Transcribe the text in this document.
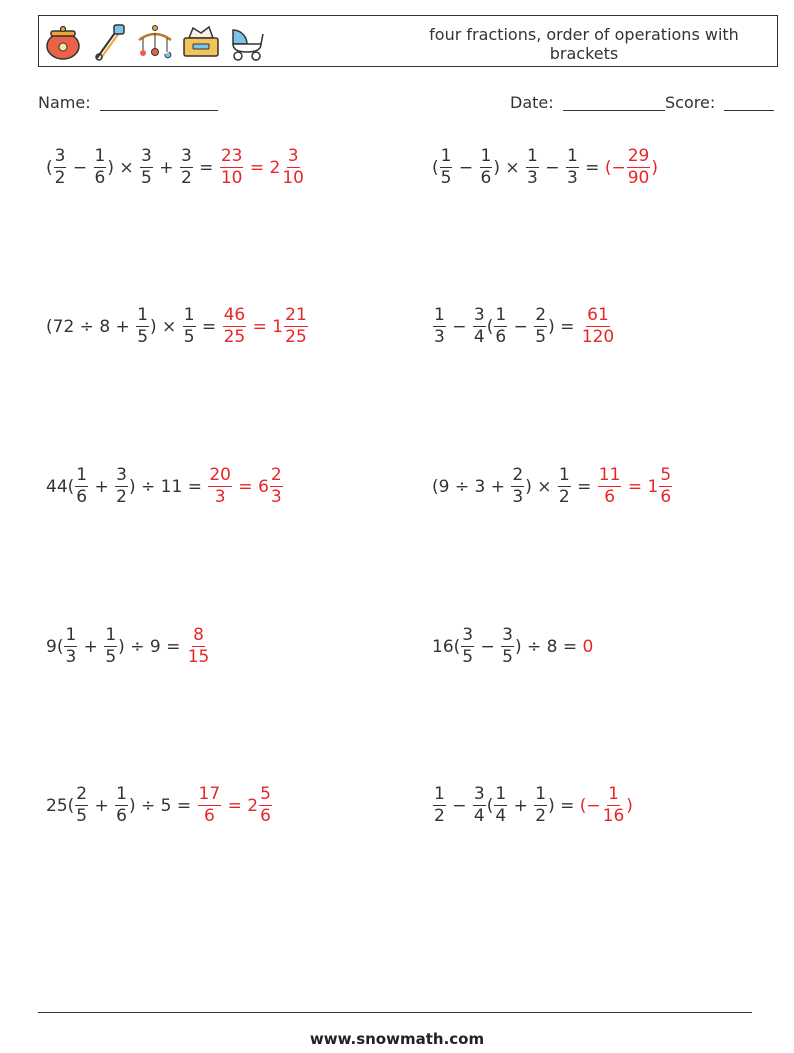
four fractions, order of operations with brackets
Name:	Date:	Score:
( $\frac{3}{2} - \frac{1}{6}$ ) × $\frac{3}{5} + \frac{3}{2} = \frac{23}{10} = 2 \frac{3}{10}$	( $\frac{1}{5} - \frac{1}{6}$ ) × $\frac{1}{3} - \frac{1}{3}$ = (− $\frac{29}{90}$ )
($72 \div 8 + \frac{1}{5}$ ) × $\frac{1}{5} = \frac{46}{25} = 1 \frac{21}{25}$	$\frac{1}{3} - \frac{3}{4}$ ( $\frac{1}{6} - \frac{2}{5}$ ) = $\frac{61}{120}$
$44( \frac{1}{6} + \frac{3}{2}$ ) ÷ $11 = \frac{20}{3} = 6 \frac{2}{3}$	($9 \div 3 + \frac{2}{3}$ ) × $\frac{1}{2} = \frac{11}{6} = 1 \frac{5}{6}$
$9( \frac{1}{3} + \frac{1}{5}$ ) ÷ $9 = \frac{8}{15}$	$16( \frac{3}{5} - \frac{3}{5}$ ) ÷ 8 = 0
$25( \frac{2}{5} + \frac{1}{6}$ ) ÷ $5 = \frac{17}{6} = 2 \frac{5}{6}$	$\frac{1}{2} - \frac{3}{4}$ ( $\frac{1}{4} + \frac{1}{2}$ ) = (− $\frac{1}{16}$ )
www.snowmath.com
